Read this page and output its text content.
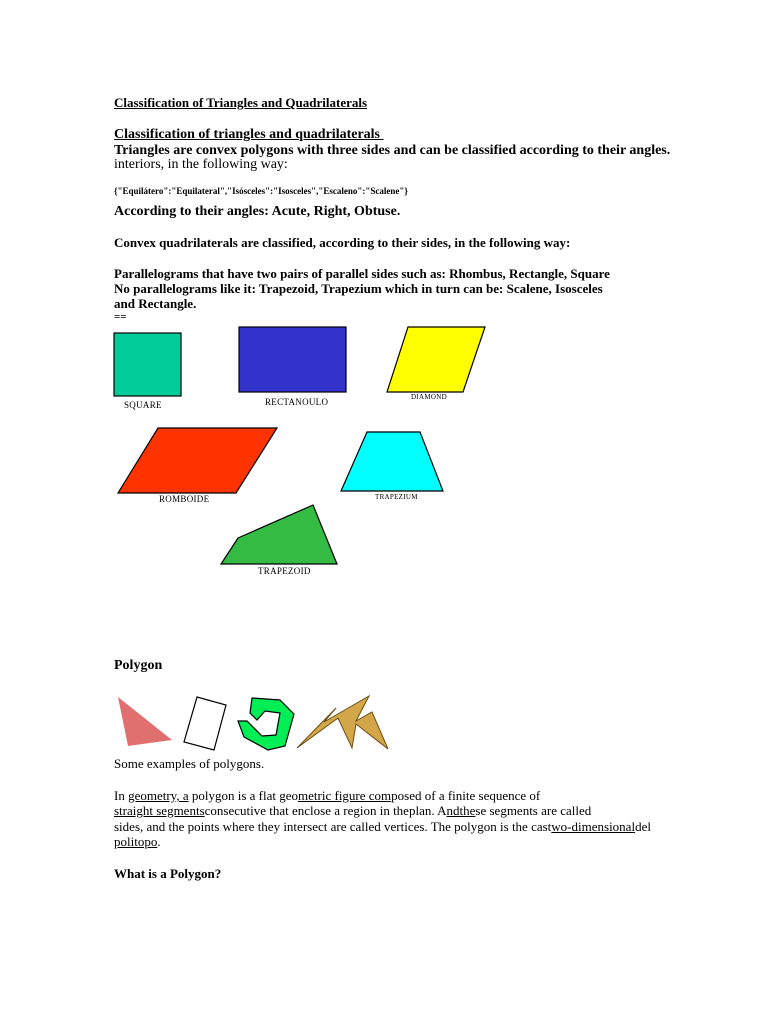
Classification of Triangles and Quadrilaterals
Classification of triangles and quadrilaterals
Triangles are convex polygons with three sides and can be classified according to their angles.
interiors, in the following way:
{"Equilátero":"Equilateral","Isósceles":"Isosceles","Escaleno":"Scalene"}
According to their angles: Acute, Right, Obtuse.
Convex quadrilaterals are classified, according to their sides, in the following way:
Parallelograms that have two pairs of parallel sides such as: Rhombus, Rectangle, Square
No parallelograms like it: Trapezoid, Trapezium which in turn can be: Scalene, Isosceles
and Rectangle.
==
SQUARE	RECTANOULO	DIAMOND
ROMBOIDE	TRAPEZIUM
TRAPEZOID
Polygon
Some examples of polygons.
In geometry, a polygon is a flat geometric figure composed of a finite sequence of
straight segmentsconsecutive that enclose a region in theplan. Andthese segments are called
sides, and the points where they intersect are called vertices. The polygon is the castwo-dimensionaldel
politopo.
What is a Polygon?
